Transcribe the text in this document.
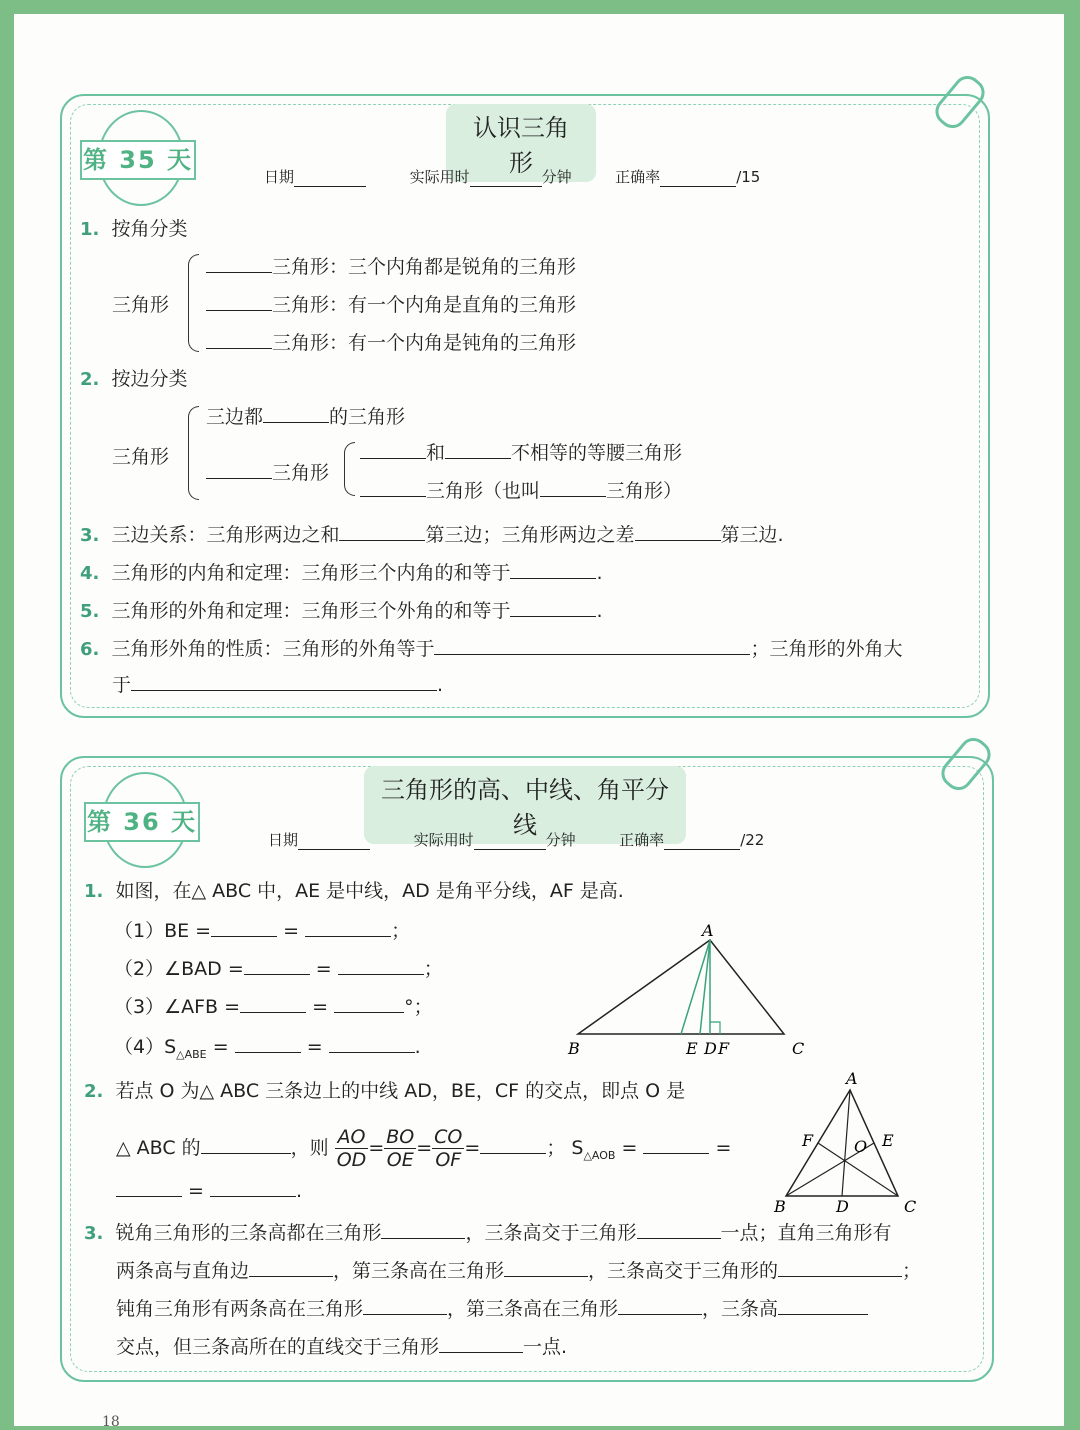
认识三角形
第 35 天
日期	实际用时	分钟	正确率	/15
1. 按角分类
三角形
三角形：三个内角都是锐角的三角形
三角形：有一个内角是直角的三角形
三角形：有一个内角是钝角的三角形
2. 按边分类
三角形
三边都	的三角形
三角形
和	不相等的等腰三角形
三角形（也叫	三角形）
3. 三边关系：三角形两边之和	第三边；三角形两边之差	第三边.
4. 三角形的内角和定理：三角形三个内角的和等于	.
5. 三角形的外角和定理：三角形三个外角的和等于	.
6. 三角形外角的性质：三角形的外角等于	；三角形的外角大
于	.
三角形的高、中线、角平分线
第 36 天
日期	实际用时	分钟	正确率	/22
1. 如图，在△ ABC 中，AE 是中线，AD 是角平分线，AF 是高.
（1）BE =	=	；
（2）∠BAD =	=	；
（3）∠AFB =	=	°；
$(4)S_{\triangle ABE}$ =	=	.
A
B	C
E D F
2. 若点 O 为△ ABC 三条边上的中线 AD，BE，CF 的交点，即点 O 是
△ ABC 的	，则 $\frac{AO}{OD} = \frac{BO}{OE} = \frac{CO}{OF}$ =	； $S_{\triangle AOB}$ =	=
=	.
A
B	C
D
E
F	O
3. 锐角三角形的三条高都在三角形	，三条高交于三角形	一点；直角三角形有
两条高与直角边	，第三条高在三角形	，三条高交于三角形的	；
钝角三角形有两条高在三角形	，第三条高在三角形	，三条高
交点，但三条高所在的直线交于三角形	一点.
18
